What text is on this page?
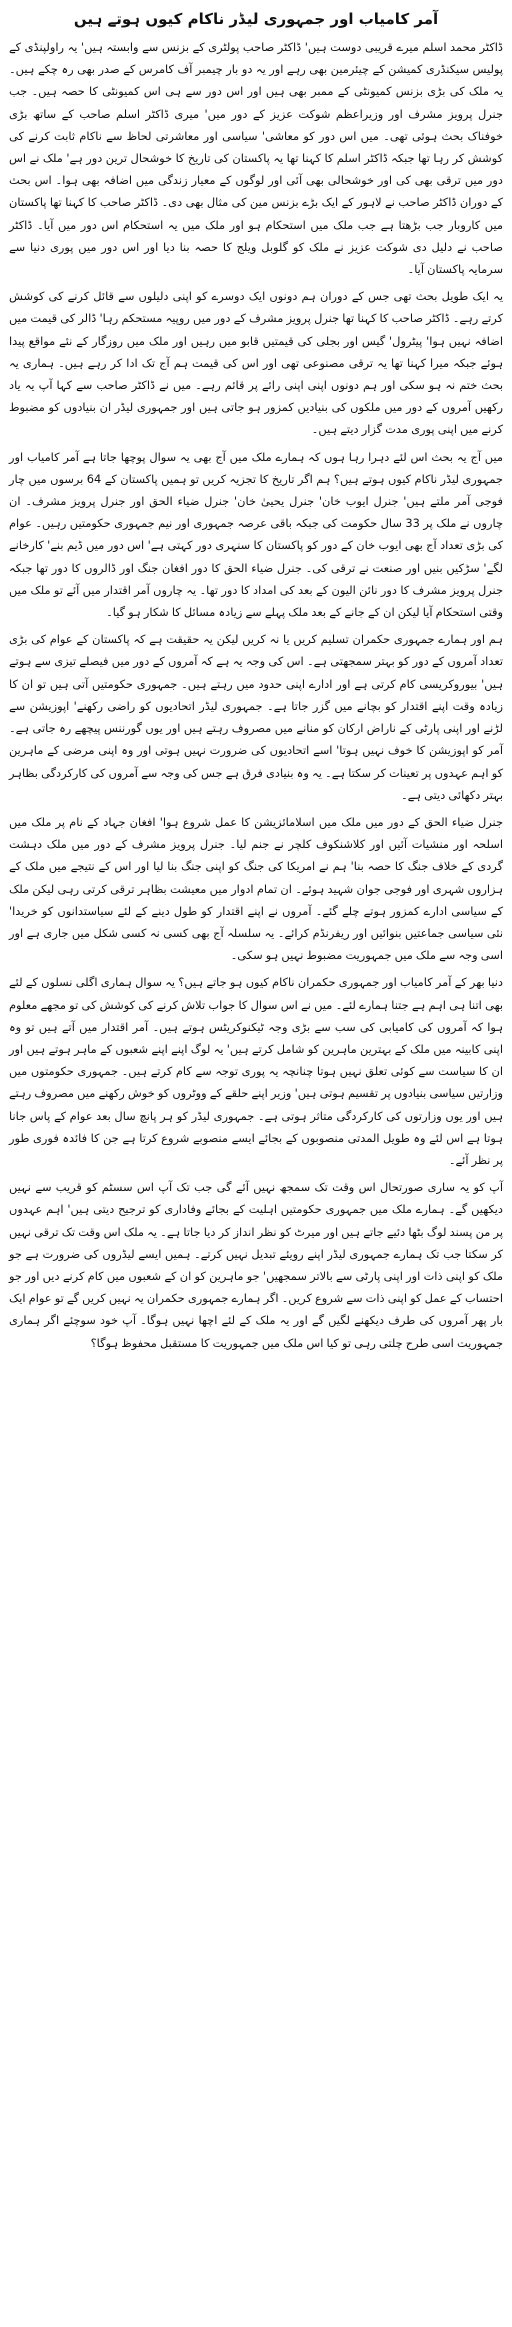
آمر کامیاب اور جمہوری لیڈر ناکام کیوں ہوتے ہیں

ڈاکٹر محمد اسلم میرے قریبی دوست ہیں' ڈاکٹر صاحب پولٹری کے بزنس سے وابستہ ہیں' یہ راولپنڈی کے پولیس سیکنڈری کمیشن کے چیئرمین بھی رہے اور یہ دو بار چیمبر آف کامرس کے صدر بھی رہ چکے ہیں۔ یہ ملک کی بڑی بزنس کمیونٹی کے ممبر بھی ہیں اور اس دور سے ہی اس کمیونٹی کا حصہ ہیں۔ جب جنرل پرویز مشرف اور وزیراعظم شوکت عزیز کے دور میں' میری ڈاکٹر اسلم صاحب کے ساتھ بڑی خوفناک بحث ہوئی تھی۔ میں اس دور کو معاشی' سیاسی اور معاشرتی لحاظ سے ناکام ثابت کرنے کی کوشش کر رہا تھا جبکہ ڈاکٹر اسلم کا کہنا تھا یہ پاکستان کی تاریخ کا خوشحال ترین دور ہے' ملک نے اس دور میں ترقی بھی کی اور خوشحالی بھی آئی اور لوگوں کے معیار زندگی میں اضافہ بھی ہوا۔ اس بحث کے دوران ڈاکٹر صاحب نے لاہور کے ایک بڑے بزنس مین کی مثال بھی دی۔ ڈاکٹر صاحب کا کہنا تھا پاکستان میں کاروبار جب بڑھتا ہے جب ملک میں استحکام ہو اور ملک میں یہ استحکام اس دور میں آیا۔ ڈاکٹر صاحب نے دلیل دی شوکت عزیز نے ملک کو گلوبل ویلج کا حصہ بنا دیا اور اس دور میں پوری دنیا سے سرمایہ پاکستان آیا۔

یہ ایک طویل بحث تھی جس کے دوران ہم دونوں ایک دوسرے کو اپنی دلیلوں سے قائل کرنے کی کوشش کرتے رہے۔ ڈاکٹر صاحب کا کہنا تھا جنرل پرویز مشرف کے دور میں روپیہ مستحکم رہا' ڈالر کی قیمت میں اضافہ نہیں ہوا' پیٹرول' گیس اور بجلی کی قیمتیں قابو میں رہیں اور ملک میں روزگار کے نئے مواقع پیدا ہوئے جبکہ میرا کہنا تھا یہ ترقی مصنوعی تھی اور اس کی قیمت ہم آج تک ادا کر رہے ہیں۔ ہماری یہ بحث ختم نہ ہو سکی اور ہم دونوں اپنی اپنی رائے پر قائم رہے۔ میں نے ڈاکٹر صاحب سے کہا آپ یہ یاد رکھیں آمروں کے دور میں ملکوں کی بنیادیں کمزور ہو جاتی ہیں اور جمہوری لیڈر ان بنیادوں کو مضبوط کرنے میں اپنی پوری مدت گزار دیتے ہیں۔

میں آج یہ بحث اس لئے دہرا رہا ہوں کہ ہمارے ملک میں آج بھی یہ سوال پوچھا جاتا ہے آمر کامیاب اور جمہوری لیڈر ناکام کیوں ہوتے ہیں؟ ہم اگر تاریخ کا تجزیہ کریں تو ہمیں پاکستان کے 64 برسوں میں چار فوجی آمر ملتے ہیں' جنرل ایوب خان' جنرل یحییٰ خان' جنرل ضیاء الحق اور جنرل پرویز مشرف۔ ان چاروں نے ملک پر 33 سال حکومت کی جبکہ باقی عرصہ جمہوری اور نیم جمہوری حکومتیں رہیں۔ عوام کی بڑی تعداد آج بھی ایوب خان کے دور کو پاکستان کا سنہری دور کہتی ہے' اس دور میں ڈیم بنے' کارخانے لگے' سڑکیں بنیں اور صنعت نے ترقی کی۔ جنرل ضیاء الحق کا دور افغان جنگ اور ڈالروں کا دور تھا جبکہ جنرل پرویز مشرف کا دور نائن الیون کے بعد کی امداد کا دور تھا۔ یہ چاروں آمر اقتدار میں آئے تو ملک میں وقتی استحکام آیا لیکن ان کے جانے کے بعد ملک پہلے سے زیادہ مسائل کا شکار ہو گیا۔

ہم اور ہمارے جمہوری حکمران تسلیم کریں یا نہ کریں لیکن یہ حقیقت ہے کہ پاکستان کے عوام کی بڑی تعداد آمروں کے دور کو بہتر سمجھتی ہے۔ اس کی وجہ یہ ہے کہ آمروں کے دور میں فیصلے تیزی سے ہوتے ہیں' بیوروکریسی کام کرتی ہے اور ادارے اپنی حدود میں رہتے ہیں۔ جمہوری حکومتیں آتی ہیں تو ان کا زیادہ وقت اپنے اقتدار کو بچانے میں گزر جاتا ہے۔ جمہوری لیڈر اتحادیوں کو راضی رکھنے' اپوزیشن سے لڑنے اور اپنی پارٹی کے ناراض ارکان کو منانے میں مصروف رہتے ہیں اور یوں گورننس پیچھے رہ جاتی ہے۔ آمر کو اپوزیشن کا خوف نہیں ہوتا' اسے اتحادیوں کی ضرورت نہیں ہوتی اور وہ اپنی مرضی کے ماہرین کو اہم عہدوں پر تعینات کر سکتا ہے۔ یہ وہ بنیادی فرق ہے جس کی وجہ سے آمروں کی کارکردگی بظاہر بہتر دکھائی دیتی ہے۔

جنرل ضیاء الحق کے دور میں ملک میں اسلامائزیشن کا عمل شروع ہوا' افغان جہاد کے نام پر ملک میں اسلحہ اور منشیات آئیں اور کلاشنکوف کلچر نے جنم لیا۔ جنرل پرویز مشرف کے دور میں ملک دہشت گردی کے خلاف جنگ کا حصہ بنا' ہم نے امریکا کی جنگ کو اپنی جنگ بنا لیا اور اس کے نتیجے میں ملک کے ہزاروں شہری اور فوجی جوان شہید ہوئے۔ ان تمام ادوار میں معیشت بظاہر ترقی کرتی رہی لیکن ملک کے سیاسی ادارے کمزور ہوتے چلے گئے۔ آمروں نے اپنے اقتدار کو طول دینے کے لئے سیاستدانوں کو خریدا' نئی سیاسی جماعتیں بنوائیں اور ریفرنڈم کرائے۔ یہ سلسلہ آج بھی کسی نہ کسی شکل میں جاری ہے اور اسی وجہ سے ملک میں جمہوریت مضبوط نہیں ہو سکی۔

دنیا بھر کے آمر کامیاب اور جمہوری حکمران ناکام کیوں ہو جاتے ہیں؟ یہ سوال ہماری اگلی نسلوں کے لئے بھی اتنا ہی اہم ہے جتنا ہمارے لئے۔ میں نے اس سوال کا جواب تلاش کرنے کی کوشش کی تو مجھے معلوم ہوا کہ آمروں کی کامیابی کی سب سے بڑی وجہ ٹیکنوکریٹس ہوتے ہیں۔ آمر اقتدار میں آتے ہیں تو وہ اپنی کابینہ میں ملک کے بہترین ماہرین کو شامل کرتے ہیں' یہ لوگ اپنے اپنے شعبوں کے ماہر ہوتے ہیں اور ان کا سیاست سے کوئی تعلق نہیں ہوتا چنانچہ یہ پوری توجہ سے کام کرتے ہیں۔ جمہوری حکومتوں میں وزارتیں سیاسی بنیادوں پر تقسیم ہوتی ہیں' وزیر اپنے حلقے کے ووٹروں کو خوش رکھنے میں مصروف رہتے ہیں اور یوں وزارتوں کی کارکردگی متاثر ہوتی ہے۔ جمہوری لیڈر کو ہر پانچ سال بعد عوام کے پاس جانا ہوتا ہے اس لئے وہ طویل المدتی منصوبوں کے بجائے ایسے منصوبے شروع کرتا ہے جن کا فائدہ فوری طور پر نظر آئے۔

آپ کو یہ ساری صورتحال اس وقت تک سمجھ نہیں آئے گی جب تک آپ اس سسٹم کو قریب سے نہیں دیکھیں گے۔ ہمارے ملک میں جمہوری حکومتیں اہلیت کے بجائے وفاداری کو ترجیح دیتی ہیں' اہم عہدوں پر من پسند لوگ بٹھا دئیے جاتے ہیں اور میرٹ کو نظر انداز کر دیا جاتا ہے۔ یہ ملک اس وقت تک ترقی نہیں کر سکتا جب تک ہمارے جمہوری لیڈر اپنے رویئے تبدیل نہیں کرتے۔ ہمیں ایسے لیڈروں کی ضرورت ہے جو ملک کو اپنی ذات اور اپنی پارٹی سے بالاتر سمجھیں' جو ماہرین کو ان کے شعبوں میں کام کرنے دیں اور جو احتساب کے عمل کو اپنی ذات سے شروع کریں۔ اگر ہمارے جمہوری حکمران یہ نہیں کریں گے تو عوام ایک بار پھر آمروں کی طرف دیکھنے لگیں گے اور یہ ملک کے لئے اچھا نہیں ہوگا۔ آپ خود سوچئے اگر ہماری جمہوریت اسی طرح چلتی رہی تو کیا اس ملک میں جمہوریت کا مستقبل محفوظ ہوگا؟
